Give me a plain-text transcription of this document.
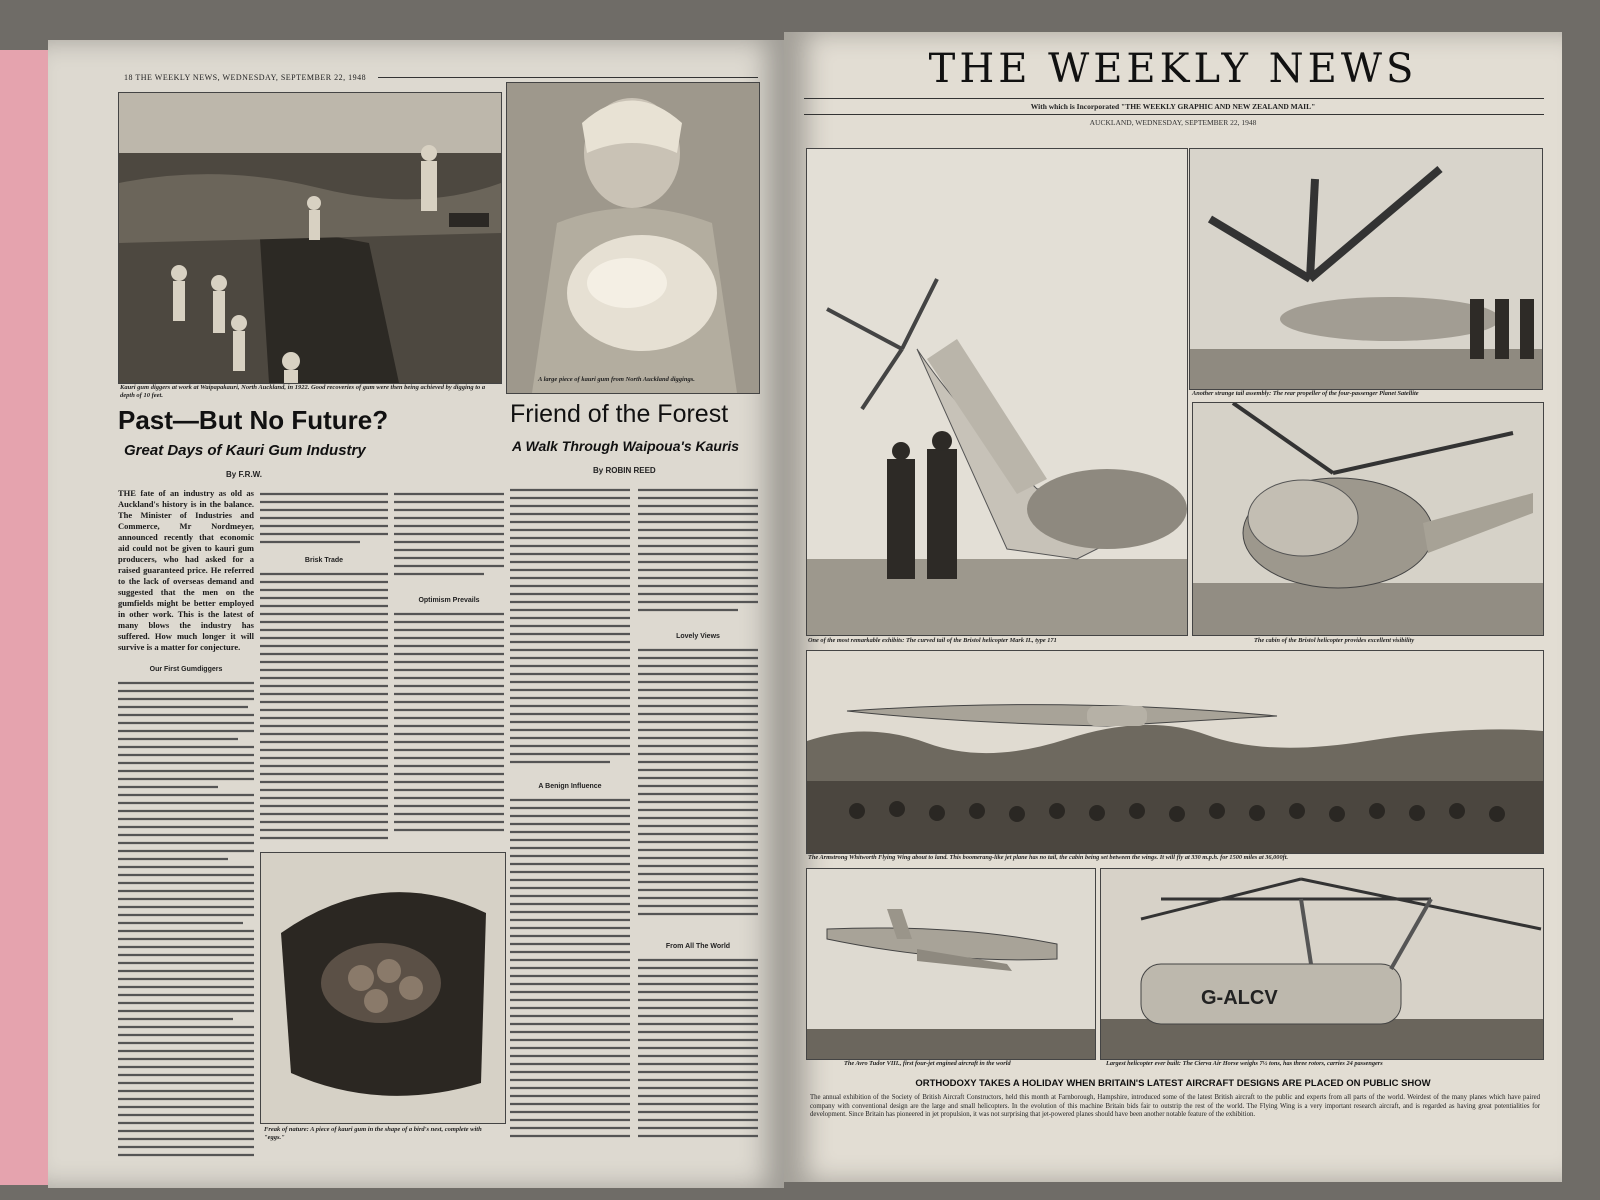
18 THE WEEKLY NEWS, WEDNESDAY, SEPTEMBER 22, 1948
Kauri gum diggers at work at Waipapakauri, North Auckland, in 1922. Good recoveries of gum were then being achieved by digging to a depth of 10 feet.
A large piece of kauri gum from North Auckland diggings.
Past—But No Future?
Great Days of Kauri Gum Industry
By F.R.W.
THE fate of an industry as old as Auckland's history is in the balance. The Minister of Industries and Commerce, Mr Nordmeyer, announced recently that economic aid could not be given to kauri gum producers, who had asked for a raised guaranteed price. He referred to the lack of overseas demand and suggested that the men on the gumfields might be better employed in other work. This is the latest of many blows the industry has suffered. How much longer it will survive is a matter for conjecture.
Our First Gumdiggers
Brisk Trade
Optimism Prevails
Freak of nature: A piece of kauri gum in the shape of a bird's nest, complete with "eggs."
Friend of the Forest
A Walk Through Waipoua's Kauris
By ROBIN REED
A Benign Influence
Lovely Views
From All The World
THE WEEKLY NEWS
With which is Incorporated "THE WEEKLY GRAPHIC AND NEW ZEALAND MAIL"
AUCKLAND, WEDNESDAY, SEPTEMBER 22, 1948
One of the most remarkable exhibits: The curved tail of the Bristol helicopter Mark II., type 171
Another strange tail assembly: The rear propeller of the four-passenger Planet Satellite
The cabin of the Bristol helicopter provides excellent visibility
The Armstrong Whitworth Flying Wing about to land. This boomerang-like jet plane has no tail, the cabin being set between the wings. It will fly at 330 m.p.h. for 1500 miles at 36,000ft.
The Avro Tudor VIII., first four-jet engined aircraft in the world
G-ALCV
Largest helicopter ever built: The Cierva Air Horse weighs 7½ tons, has three rotors, carries 24 passengers
ORTHODOXY TAKES A HOLIDAY WHEN BRITAIN'S LATEST AIRCRAFT DESIGNS ARE PLACED ON PUBLIC SHOW
The annual exhibition of the Society of British Aircraft Constructors, held this month at Farnborough, Hampshire, introduced some of the latest British aircraft to the public and experts from all parts of the world. Weirdest of the many planes which have paired company with conventional design are the large and small helicopters. In the evolution of this machine Britain bids fair to outstrip the rest of the world. The Flying Wing is a very important research aircraft, and is regarded as having great potentialities for development. Since Britain has pioneered in jet propulsion, it was not surprising that jet-powered planes should have been another notable feature of the exhibition.
